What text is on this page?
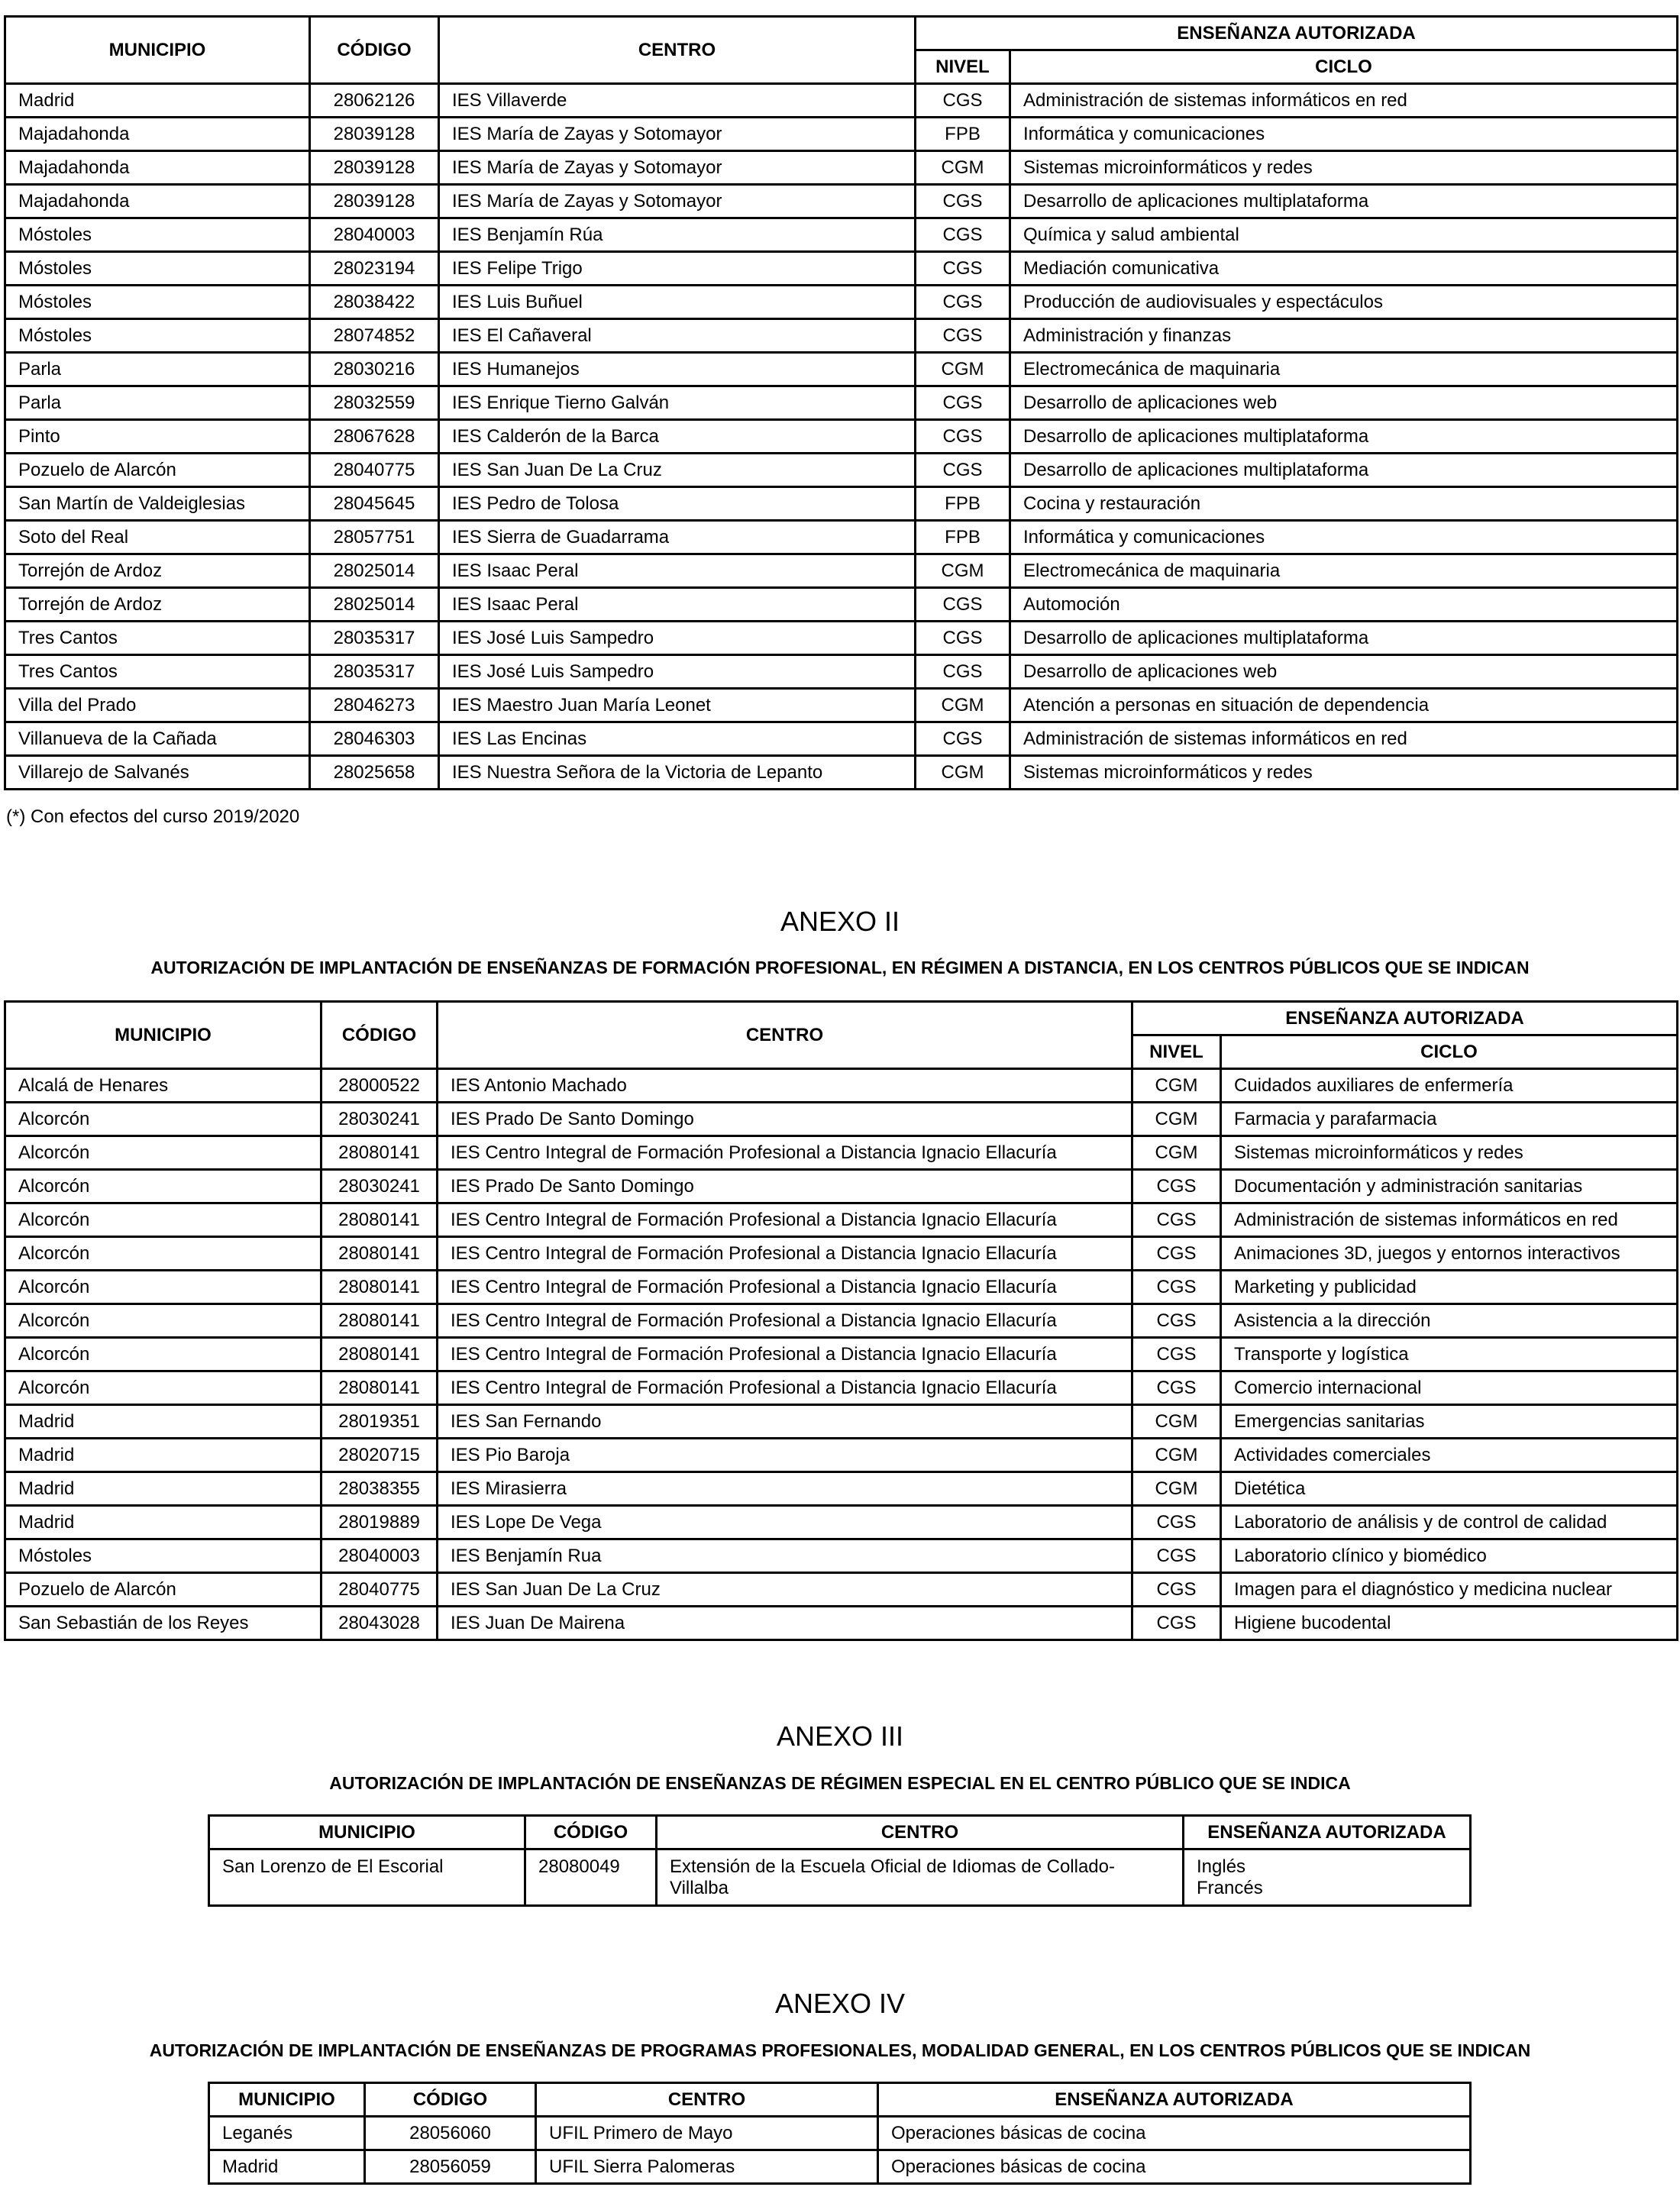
MUNICIPIO	CÓDIGO	CENTRO	ENSEÑANZA AUTORIZADA	
			NIVEL	CICLO
Madrid	28062126	IES Villaverde	CGS	Administración de sistemas informáticos en red
Majadahonda	28039128	IES María de Zayas y Sotomayor	FPB	Informática y comunicaciones
Majadahonda	28039128	IES María de Zayas y Sotomayor	CGM	Sistemas microinformáticos y redes
Majadahonda	28039128	IES María de Zayas y Sotomayor	CGS	Desarrollo de aplicaciones multiplataforma
Móstoles	28040003	IES Benjamín Rúa	CGS	Química y salud ambiental
Móstoles	28023194	IES Felipe Trigo	CGS	Mediación comunicativa
Móstoles	28038422	IES Luis Buñuel	CGS	Producción de audiovisuales y espectáculos
Móstoles	28074852	IES El Cañaveral	CGS	Administración y finanzas
Parla	28030216	IES Humanejos	CGM	Electromecánica de maquinaria
Parla	28032559	IES Enrique Tierno Galván	CGS	Desarrollo de aplicaciones web
Pinto	28067628	IES Calderón de la Barca	CGS	Desarrollo de aplicaciones multiplataforma
Pozuelo de Alarcón	28040775	IES San Juan De La Cruz	CGS	Desarrollo de aplicaciones multiplataforma
San Martín de Valdeiglesias	28045645	IES Pedro de Tolosa	FPB	Cocina y restauración
Soto del Real	28057751	IES Sierra de Guadarrama	FPB	Informática y comunicaciones
Torrejón de Ardoz	28025014	IES Isaac Peral	CGM	Electromecánica de maquinaria
Torrejón de Ardoz	28025014	IES Isaac Peral	CGS	Automoción
Tres Cantos	28035317	IES José Luis Sampedro	CGS	Desarrollo de aplicaciones multiplataforma
Tres Cantos	28035317	IES José Luis Sampedro	CGS	Desarrollo de aplicaciones web
Villa del Prado	28046273	IES Maestro Juan María Leonet	CGM	Atención a personas en situación de dependencia
Villanueva de la Cañada	28046303	IES Las Encinas	CGS	Administración de sistemas informáticos en red
Villarejo de Salvanés	28025658	IES Nuestra Señora de la Victoria de Lepanto	CGM	Sistemas microinformáticos y redes
(*) Con efectos del curso 2019/2020
ANEXO II
AUTORIZACIÓN DE IMPLANTACIÓN DE ENSEÑANZAS DE FORMACIÓN PROFESIONAL, EN RÉGIMEN A DISTANCIA, EN LOS CENTROS PÚBLICOS QUE SE INDICAN
MUNICIPIO	CÓDIGO	CENTRO	ENSEÑANZA AUTORIZADA	
			NIVEL	CICLO
Alcalá de Henares	28000522	IES Antonio Machado	CGM	Cuidados auxiliares de enfermería
Alcorcón	28030241	IES Prado De Santo Domingo	CGM	Farmacia y parafarmacia
Alcorcón	28080141	IES Centro Integral de Formación Profesional a Distancia Ignacio Ellacuría	CGM	Sistemas microinformáticos y redes
Alcorcón	28030241	IES Prado De Santo Domingo	CGS	Documentación y administración sanitarias
Alcorcón	28080141	IES Centro Integral de Formación Profesional a Distancia Ignacio Ellacuría	CGS	Administración de sistemas informáticos en red
Alcorcón	28080141	IES Centro Integral de Formación Profesional a Distancia Ignacio Ellacuría	CGS	Animaciones 3D, juegos y entornos interactivos
Alcorcón	28080141	IES Centro Integral de Formación Profesional a Distancia Ignacio Ellacuría	CGS	Marketing y publicidad
Alcorcón	28080141	IES Centro Integral de Formación Profesional a Distancia Ignacio Ellacuría	CGS	Asistencia a la dirección
Alcorcón	28080141	IES Centro Integral de Formación Profesional a Distancia Ignacio Ellacuría	CGS	Transporte y logística
Alcorcón	28080141	IES Centro Integral de Formación Profesional a Distancia Ignacio Ellacuría	CGS	Comercio internacional
Madrid	28019351	IES San Fernando	CGM	Emergencias sanitarias
Madrid	28020715	IES Pio Baroja	CGM	Actividades comerciales
Madrid	28038355	IES Mirasierra	CGM	Dietética
Madrid	28019889	IES Lope De Vega	CGS	Laboratorio de análisis y de control de calidad
Móstoles	28040003	IES Benjamín Rua	CGS	Laboratorio clínico y biomédico
Pozuelo de Alarcón	28040775	IES San Juan De La Cruz	CGS	Imagen para el diagnóstico y medicina nuclear
San Sebastián de los Reyes	28043028	IES Juan De Mairena	CGS	Higiene bucodental
ANEXO III
AUTORIZACIÓN DE IMPLANTACIÓN DE ENSEÑANZAS DE RÉGIMEN ESPECIAL EN EL CENTRO PÚBLICO QUE SE INDICA
MUNICIPIO	CÓDIGO	CENTRO	ENSEÑANZA AUTORIZADA
San Lorenzo de El Escorial	28080049	Extensión de la Escuela Oficial de Idiomas de Collado-Villalba	Inglés
Francés
ANEXO IV
AUTORIZACIÓN DE IMPLANTACIÓN DE ENSEÑANZAS DE PROGRAMAS PROFESIONALES, MODALIDAD GENERAL, EN LOS CENTROS PÚBLICOS QUE SE INDICAN
MUNICIPIO	CÓDIGO	CENTRO	ENSEÑANZA AUTORIZADA
Leganés	28056060	UFIL Primero de Mayo	Operaciones básicas de cocina
Madrid	28056059	UFIL Sierra Palomeras	Operaciones básicas de cocina
